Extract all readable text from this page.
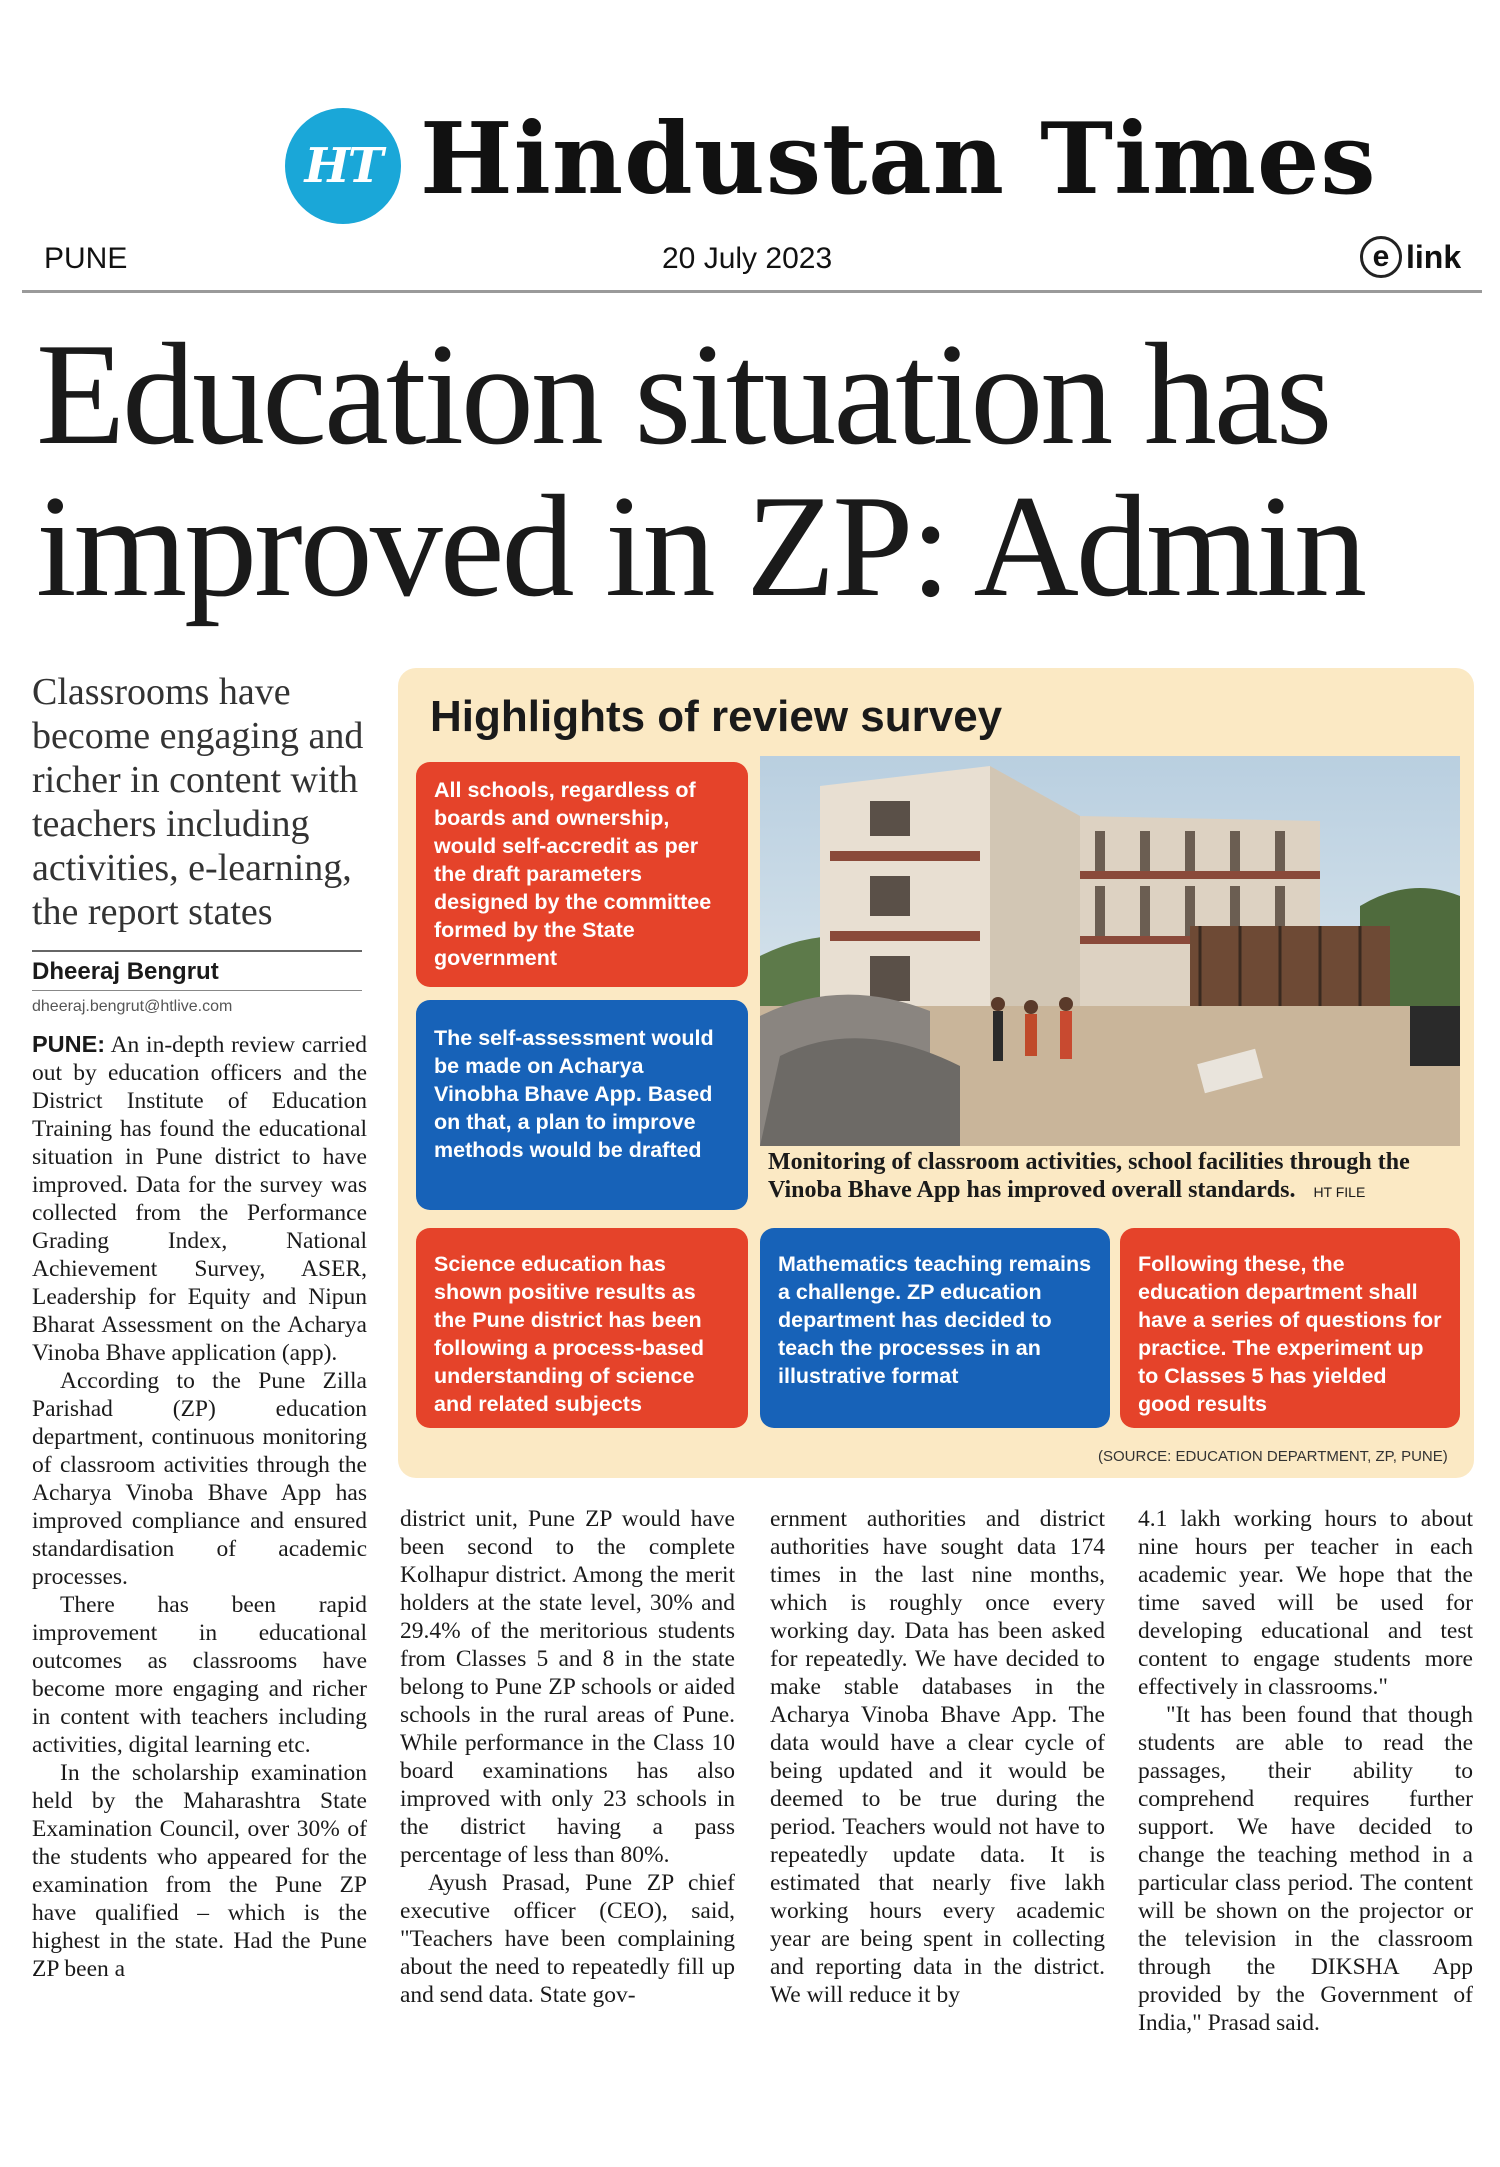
HT Hindustan Times
PUNE	20 July 2023	e link
Education situation has
improved in ZP: Admin
Classrooms have become engaging and richer in content with teachers including activities, e-learning, the report states
Dheeraj Bengrut
dheeraj.bengrut@htlive.com

PUNE: An in-depth review carried out by education officers and the District Institute of Education Training has found the educational situation in Pune district to have improved. Data for the survey was collected from the Performance Grading Index, National Achievement Survey, ASER, Leadership for Equity and Nipun Bharat Assessment on the Acharya Vinoba Bhave application (app).

According to the Pune Zilla Parishad (ZP) education department, continuous monitoring of classroom activities through the Acharya Vinoba Bhave App has improved compliance and ensured standardisation of academic processes.

There has been rapid improvement in educational outcomes as classrooms have become more engaging and richer in content with teachers including activities, digital learning etc.

In the scholarship examination held by the Maharashtra State Examination Council, over 30% of the students who appeared for the examination from the Pune ZP have qualified – which is the highest in the state. Had the Pune ZP been a

Highlights of review survey
All schools, regardless of boards and ownership, would self-accredit as per the draft parameters designed by the committee formed by the State government
The self-assessment would be made on Acharya Vinobha Bhave App. Based on that, a plan to improve methods would be drafted
Science education has shown positive results as the Pune district has been following a process-based understanding of science and related subjects
Mathematics teaching remains a challenge. ZP education department has decided to teach the processes in an illustrative format
Following these, the education department shall have a series of questions for practice. The experiment up to Classes 5 has yielded good results
Monitoring of classroom activities, school facilities through the Vinoba Bhave App has improved overall standards. HT FILE
(SOURCE: EDUCATION DEPARTMENT, ZP, PUNE)

district unit, Pune ZP would have been second to the complete Kolhapur district. Among the merit holders at the state level, 30% and 29.4% of the meritorious students from Classes 5 and 8 in the state belong to Pune ZP schools or aided schools in the rural areas of Pune. While performance in the Class 10 board examinations has also improved with only 23 schools in the district having a pass percentage of less than 80%.

Ayush Prasad, Pune ZP chief executive officer (CEO), said, "Teachers have been complaining about the need to repeatedly fill up and send data. State gov-

ernment authorities and district authorities have sought data 174 times in the last nine months, which is roughly once every working day. Data has been asked for repeatedly. We have decided to make stable databases in the Acharya Vinoba Bhave App. The data would have a clear cycle of being updated and it would be deemed to be true during the period. Teachers would not have to repeatedly update data. It is estimated that nearly five lakh working hours every academic year are being spent in collecting and reporting data in the district. We will reduce it by

4.1 lakh working hours to about nine hours per teacher in each academic year. We hope that the time saved will be used for developing educational and test content to engage students more effectively in classrooms."

"It has been found that though students are able to read the passages, their ability to comprehend requires further support. We have decided to change the teaching method in a particular class period. The content will be shown on the projector or the television in the classroom through the DIKSHA App provided by the Government of India," Prasad said.
